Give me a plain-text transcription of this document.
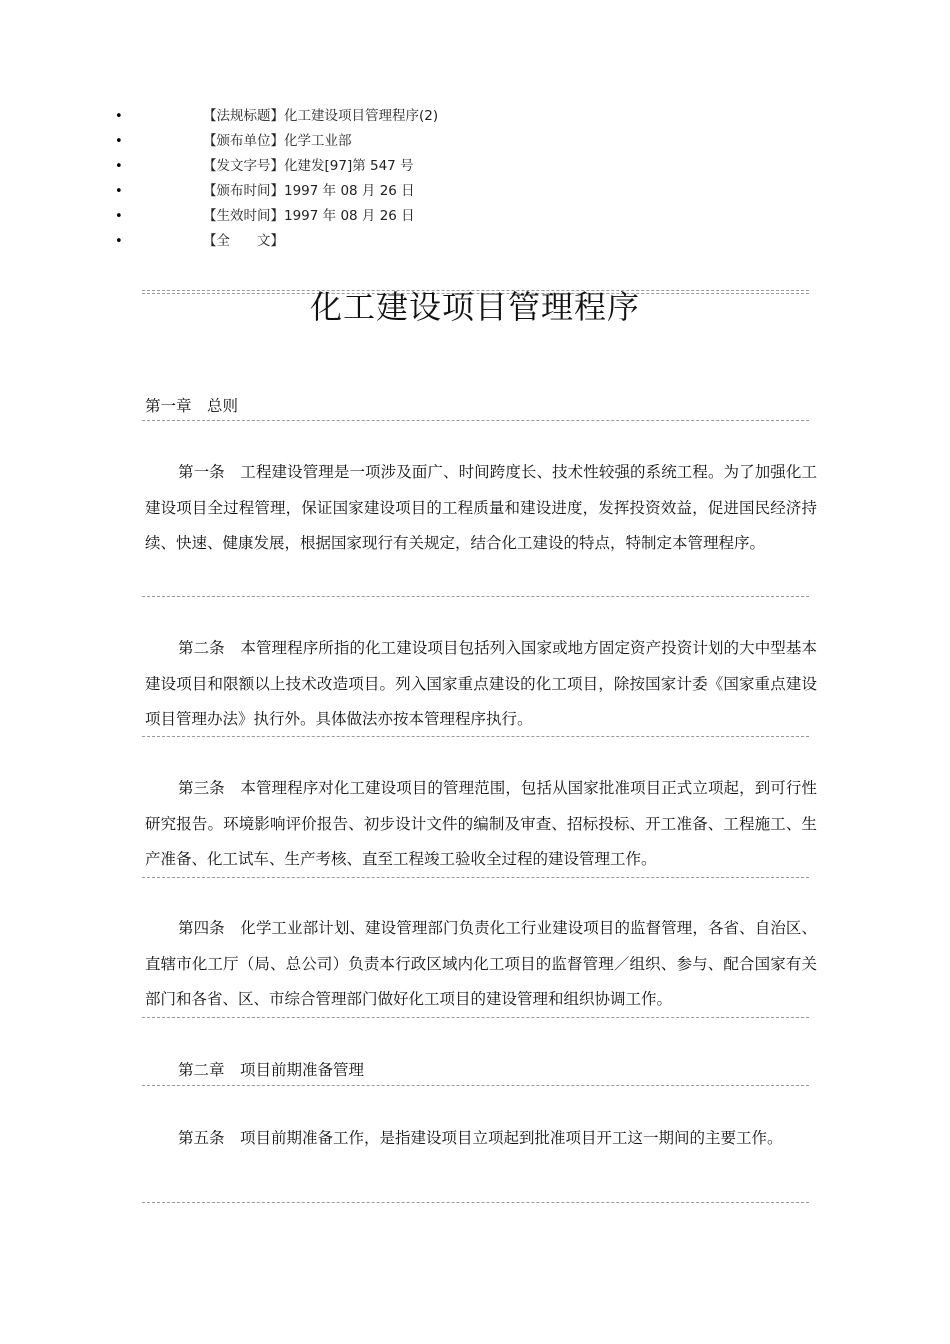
•	【法规标题】化工建设项目管理程序(2)
•	【颁布单位】化学工业部
•	【发文字号】化建发[97]第 547 号
•	【颁布时间】1997 年 08 月 26 日
•	【生效时间】1997 年 08 月 26 日
•	【全　　文】
化工建设项目管理程序
第一章　总则
第一条　工程建设管理是一项涉及面广、时间跨度长、技术性较强的系统工程。为了加强化工建设项目全过程管理，保证国家建设项目的工程质量和建设进度，发挥投资效益，促进国民经济持续、快速、健康发展，根据国家现行有关规定，结合化工建设的特点，特制定本管理程序。
第二条　本管理程序所指的化工建设项目包括列入国家或地方固定资产投资计划的大中型基本建设项目和限额以上技术改造项目。列入国家重点建设的化工项目，除按国家计委《国家重点建设项目管理办法》执行外。具体做法亦按本管理程序执行。
第三条　本管理程序对化工建设项目的管理范围，包括从国家批准项目正式立项起，到可行性研究报告。环境影响评价报告、初步设计文件的编制及审查、招标投标、开工准备、工程施工、生产准备、化工试车、生产考核、直至工程竣工验收全过程的建设管理工作。
第四条　化学工业部计划、建设管理部门负责化工行业建设项目的监督管理，各省、自治区、直辖市化工厅（局、总公司）负责本行政区域内化工项目的监督管理／组织、参与、配合国家有关部门和各省、区、市综合管理部门做好化工项目的建设管理和组织协调工作。
第二章　项目前期准备管理
第五条　项目前期准备工作，是指建设项目立项起到批准项目开工这一期间的主要工作。
